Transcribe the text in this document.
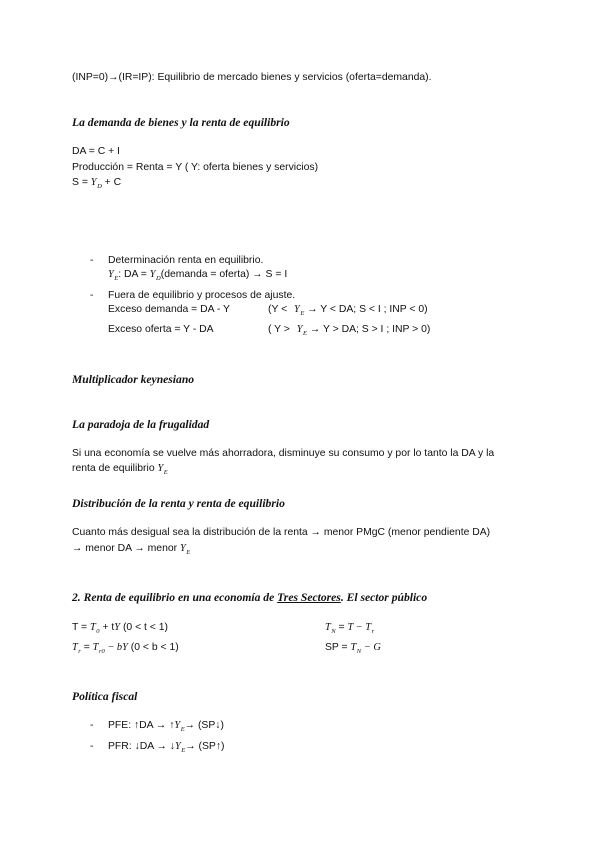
(INP=0)→(IR=IP): Equilibrio de mercado bienes y servicios (oferta=demanda).
La demanda de bienes y la renta de equilibrio
DA = C + I
Producción = Renta = Y ( Y: oferta bienes y servicios)
$S = Y_D + C$
- Determinación renta en equilibrio.
$Y_E$: DA = $Y_D(demanda$ = oferta) → S = I
- Fuera de equilibrio y procesos de ajuste.
Exceso demanda = DA - Y	($Y < Y_E \to Y$ < DA; S < I ; INP < 0)
Exceso oferta = Y - DA	( $Y > Y_E \to Y$ > DA; S > I ; INP > 0)
Multiplicador keynesiano
La paradoja de la frugalidad
Si una economía se vuelve más ahorradora, disminuye su consumo y por lo tanto la DA y la
renta de equilibrio $Y_E$
Distribución de la renta y renta de equilibrio
Cuanto más desigual sea la distribución de la renta → menor PMgC (menor pendiente DA)
→ menor DA → menor $Y_E$
2. Renta de equilibrio en una economía de Tres Sectores. El sector público
$T = T_0$ + tY (0 < t < 1)
$T_r = T_{r0}$ − bY (0 < b < 1)
$T_N = T - T_r$
SP = $T_N - G$
Política fiscal
- PFE: ↑DA → $↑Y_E\to$ (SP↓)
- PFR: ↓DA → $↓Y_E\to$ (SP↑)
